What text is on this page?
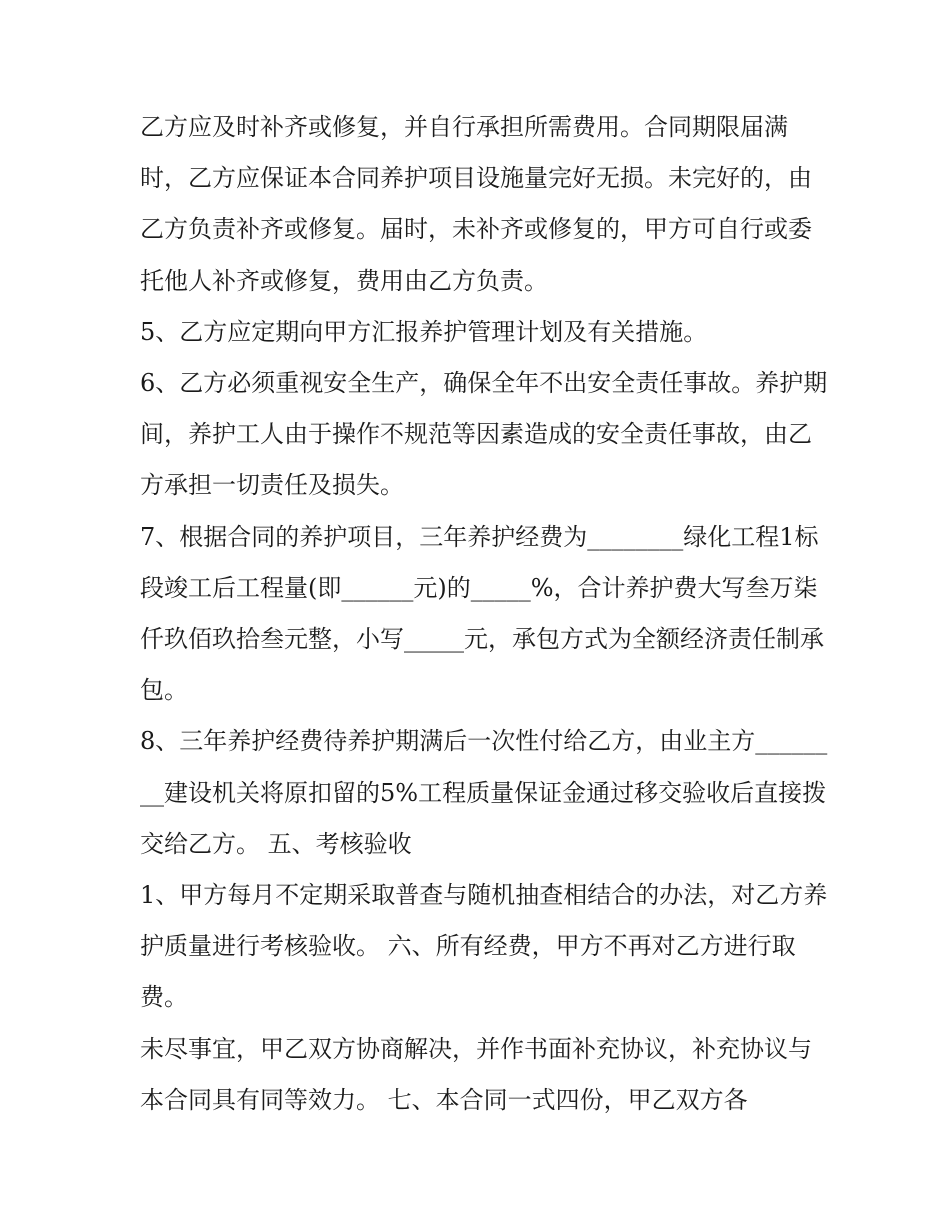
乙方应及时补齐或修复，并自行承担所需费用。合同期限届满时，乙方应保证本合同养护项目设施量完好无损。未完好的，由乙方负责补齐或修复。届时，未补齐或修复的，甲方可自行或委托他人补齐或修复，费用由乙方负责。

5、乙方应定期向甲方汇报养护管理计划及有关措施。

6、乙方必须重视安全生产，确保全年不出安全责任事故。养护期间，养护工人由于操作不规范等因素造成的安全责任事故，由乙方承担一切责任及损失。

7、根据合同的养护项目，三年养护经费为________绿化工程1标段竣工后工程量(即______元)的_____%，合计养护费大写叁万柒仟玖佰玖拾叁元整，小写_____元，承包方式为全额经济责任制承包。

8、三年养护经费待养护期满后一次性付给乙方，由业主方________建设机关将原扣留的5%工程质量保证金通过移交验收后直接拨交给乙方。 五、考核验收

1、甲方每月不定期采取普查与随机抽查相结合的办法，对乙方养护质量进行考核验收。 六、所有经费，甲方不再对乙方进行取费。

未尽事宜，甲乙双方协商解决，并作书面补充协议，补充协议与本合同具有同等效力。 七、本合同一式四份，甲乙双方各
